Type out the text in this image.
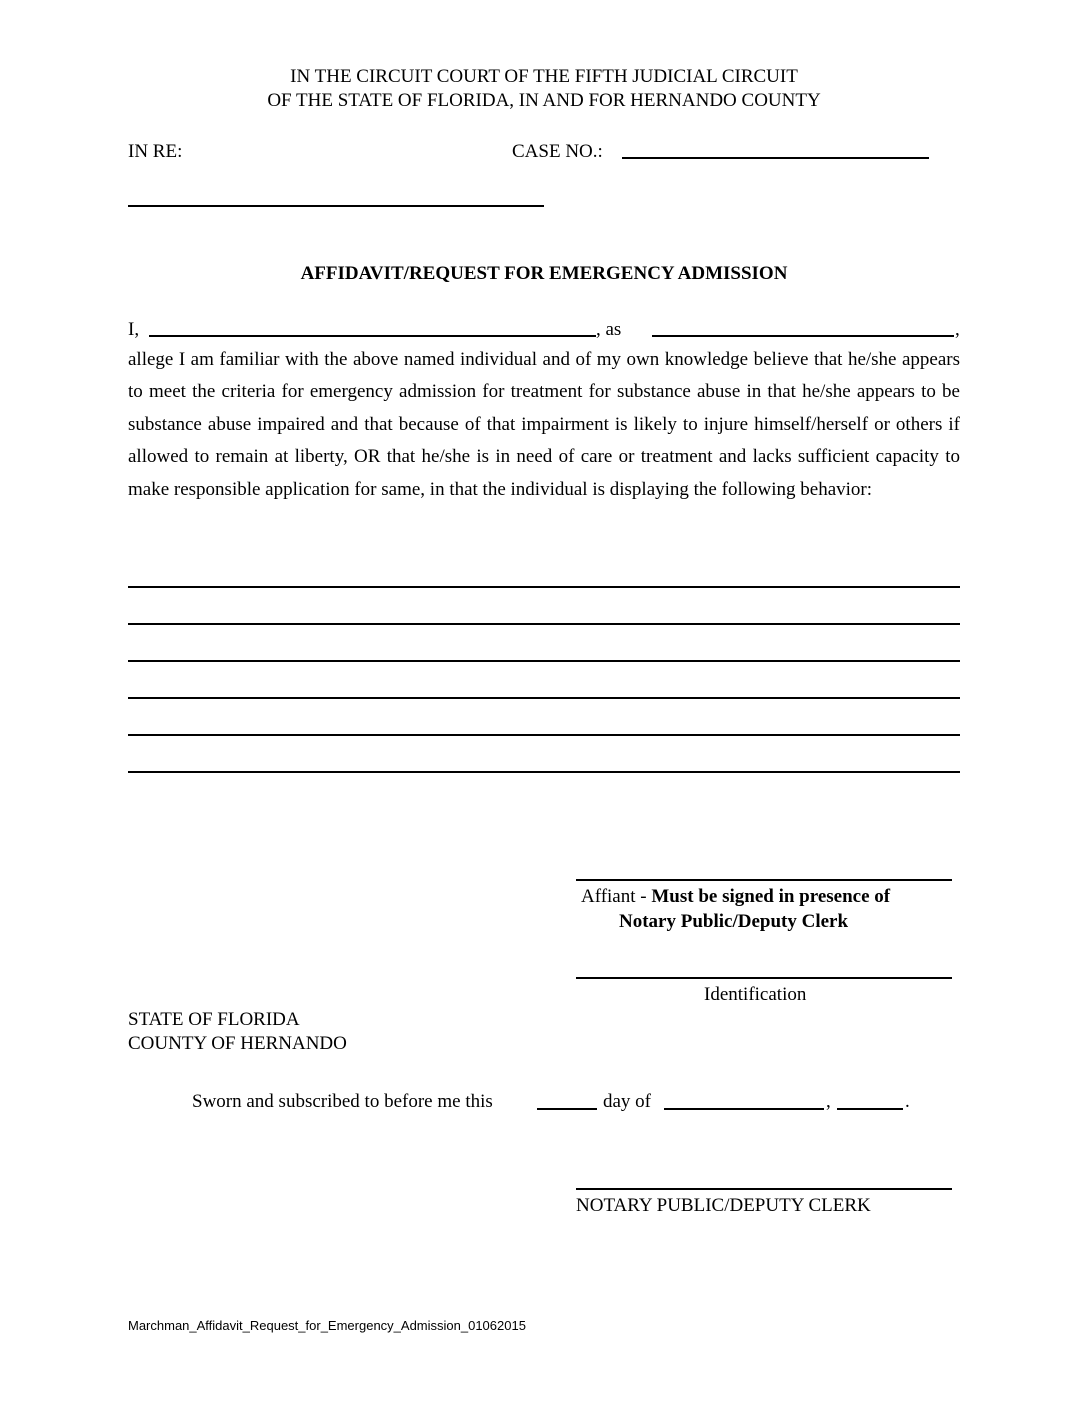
IN THE CIRCUIT COURT OF THE FIFTH JUDICIAL CIRCUIT
OF THE STATE OF FLORIDA, IN AND FOR HERNANDO COUNTY
IN RE:	CASE NO.:
AFFIDAVIT/REQUEST FOR EMERGENCY ADMISSION
I,	, as	,
allege I am familiar with the above named individual and of my own knowledge believe that he/she appears to meet the criteria for emergency admission for treatment for substance abuse in that he/she appears to be substance abuse impaired and that because of that impairment is likely to injure himself/herself or others if allowed to remain at liberty, OR that he/she is in need of care or treatment and lacks sufficient capacity to make responsible application for same, in that the individual is displaying the following behavior:
Affiant - Must be signed in presence of
Notary Public/Deputy Clerk
Identification
STATE OF FLORIDA
COUNTY OF HERNANDO
Sworn and subscribed to before me this	day of	,	.
NOTARY PUBLIC/DEPUTY CLERK
Marchman_Affidavit_Request_for_Emergency_Admission_01062015
